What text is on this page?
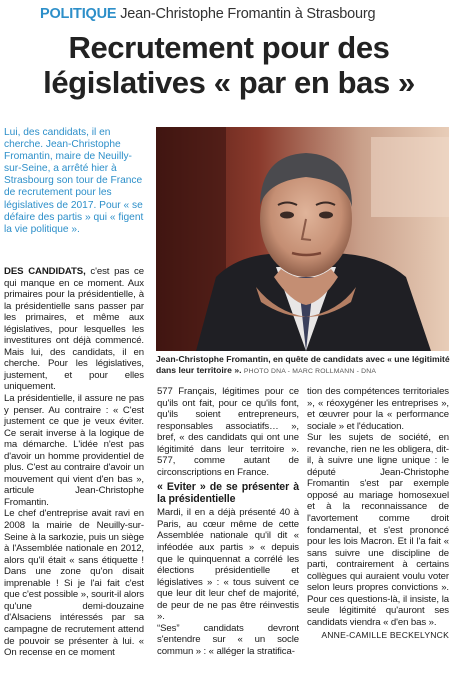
POLITIQUE Jean-Christophe Fromantin à Strasbourg
Recrutement pour des législatives « par en bas »
Lui, des candidats, il en cherche. Jean-Christophe Fromantin, maire de Neuilly-sur-Seine, a arrêté hier à Strasbourg son tour de France de recrutement pour les législatives de 2017. Pour « se défaire des partis » qui « figent la vie politique ».
Jean-Christophe Fromantin, en quête de candidats avec « une légitimité dans leur territoire ». PHOTO DNA - MARC ROLLMANN - DNA

DES CANDIDATS, c'est pas ce qui manque en ce moment. Aux primaires pour la présidentielle, à la présidentielle sans passer par les primaires, et même aux législatives, pour lesquelles les investitures ont déjà commencé. Mais lui, des candidats, il en cherche. Pour les législatives, justement, et pour elles uniquement.

La présidentielle, il assure ne pas y penser. Au contraire : « C'est justement ce que je veux éviter. Ce serait inverse à la logique de ma démarche. L'idée n'est pas d'avoir un homme providentiel de plus. C'est au contraire d'avoir un mouvement qui vient d'en bas », articule Jean-Christophe Fromantin.

Le chef d'entreprise avait ravi en 2008 la mairie de Neuilly-sur-Seine à la sarkozie, puis un siège à l'Assemblée nationale en 2012, alors qu'il était « sans étiquette ! Dans une zone qu'on disait imprenable ! Si je l'ai fait c'est que c'est possible », sourit-il alors qu'une demi-douzaine d'Alsaciens intéressés par sa campagne de recrutement attend de pouvoir se présenter à lui. « On recense en ce moment

577 Français, légitimes pour ce qu'ils ont fait, pour ce qu'ils font, qu'ils soient entrepreneurs, responsables associatifs… », bref, « des candidats qui ont une légitimité dans leur territoire ». 577, comme autant de circonscriptions en France.

« Eviter » de se présenter à la présidentielle

Mardi, il en a déjà présenté 40 à Paris, au cœur même de cette Assemblée nationale qu'il dit « inféodée aux partis » « depuis que le quinquennat a corrélé les élections présidentielle et législatives » : « tous suivent ce que leur dit leur chef de majorité, de peur de ne pas être réinvestis ».

“Ses” candidats devront s'entendre sur « un socle commun » : « alléger la stratifica-

tion des compétences territoriales », « réoxygéner les entreprises », et œuvrer pour la « performance sociale » et l'éducation.

Sur les sujets de société, en revanche, rien ne les obligera, dit-il, à suivre une ligne unique : le député Jean-Christophe Fromantin s'est par exemple opposé au mariage homosexuel et à la reconnaissance de l'avortement comme droit fondamental, et s'est prononcé pour les lois Macron. Et il l'a fait « sans suivre une discipline de parti, contrairement à certains collègues qui auraient voulu voter selon leurs propres convictions ». Pour ces questions-là, il insiste, la seule légitimité qu'auront ses candidats viendra « d'en bas ».

ANNE-CAMILLE BECKELYNCK
